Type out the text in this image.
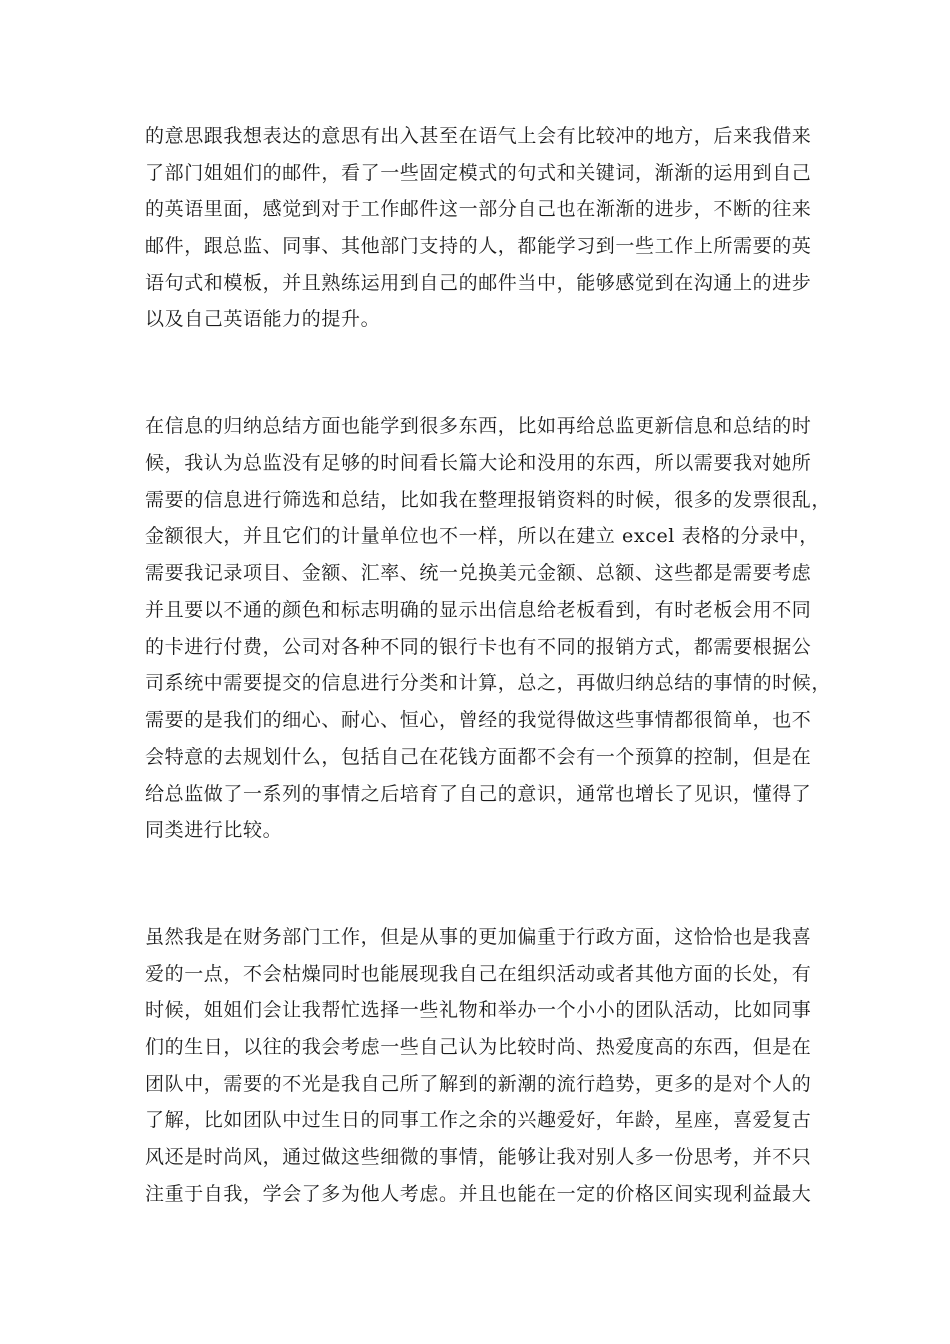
的意思跟我想表达的意思有出入甚至在语气上会有比较冲的地方，后来我借来
了部门姐姐们的邮件，看了一些固定模式的句式和关键词，渐渐的运用到自己
的英语里面，感觉到对于工作邮件这一部分自己也在渐渐的进步，不断的往来
邮件，跟总监、同事、其他部门支持的人，都能学习到一些工作上所需要的英
语句式和模板，并且熟练运用到自己的邮件当中，能够感觉到在沟通上的进步
以及自己英语能力的提升。
在信息的归纳总结方面也能学到很多东西，比如再给总监更新信息和总结的时
候，我认为总监没有足够的时间看长篇大论和没用的东西，所以需要我对她所
需要的信息进行筛选和总结，比如我在整理报销资料的时候，很多的发票很乱，
金额很大，并且它们的计量单位也不一样，所以在建立 excel 表格的分录中，
需要我记录项目、金额、汇率、统一兑换美元金额、总额、这些都是需要考虑
并且要以不通的颜色和标志明确的显示出信息给老板看到，有时老板会用不同
的卡进行付费，公司对各种不同的银行卡也有不同的报销方式，都需要根据公
司系统中需要提交的信息进行分类和计算，总之，再做归纳总结的事情的时候，
需要的是我们的细心、耐心、恒心，曾经的我觉得做这些事情都很简单，也不
会特意的去规划什么，包括自己在花钱方面都不会有一个预算的控制，但是在
给总监做了一系列的事情之后培育了自己的意识，通常也增长了见识，懂得了
同类进行比较。
虽然我是在财务部门工作，但是从事的更加偏重于行政方面，这恰恰也是我喜
爱的一点，不会枯燥同时也能展现我自己在组织活动或者其他方面的长处，有
时候，姐姐们会让我帮忙选择一些礼物和举办一个小小的团队活动，比如同事
们的生日，以往的我会考虑一些自己认为比较时尚、热爱度高的东西，但是在
团队中，需要的不光是我自己所了解到的新潮的流行趋势，更多的是对个人的
了解，比如团队中过生日的同事工作之余的兴趣爱好，年龄，星座，喜爱复古
风还是时尚风，通过做这些细微的事情，能够让我对别人多一份思考，并不只
注重于自我，学会了多为他人考虑。并且也能在一定的价格区间实现利益最大
